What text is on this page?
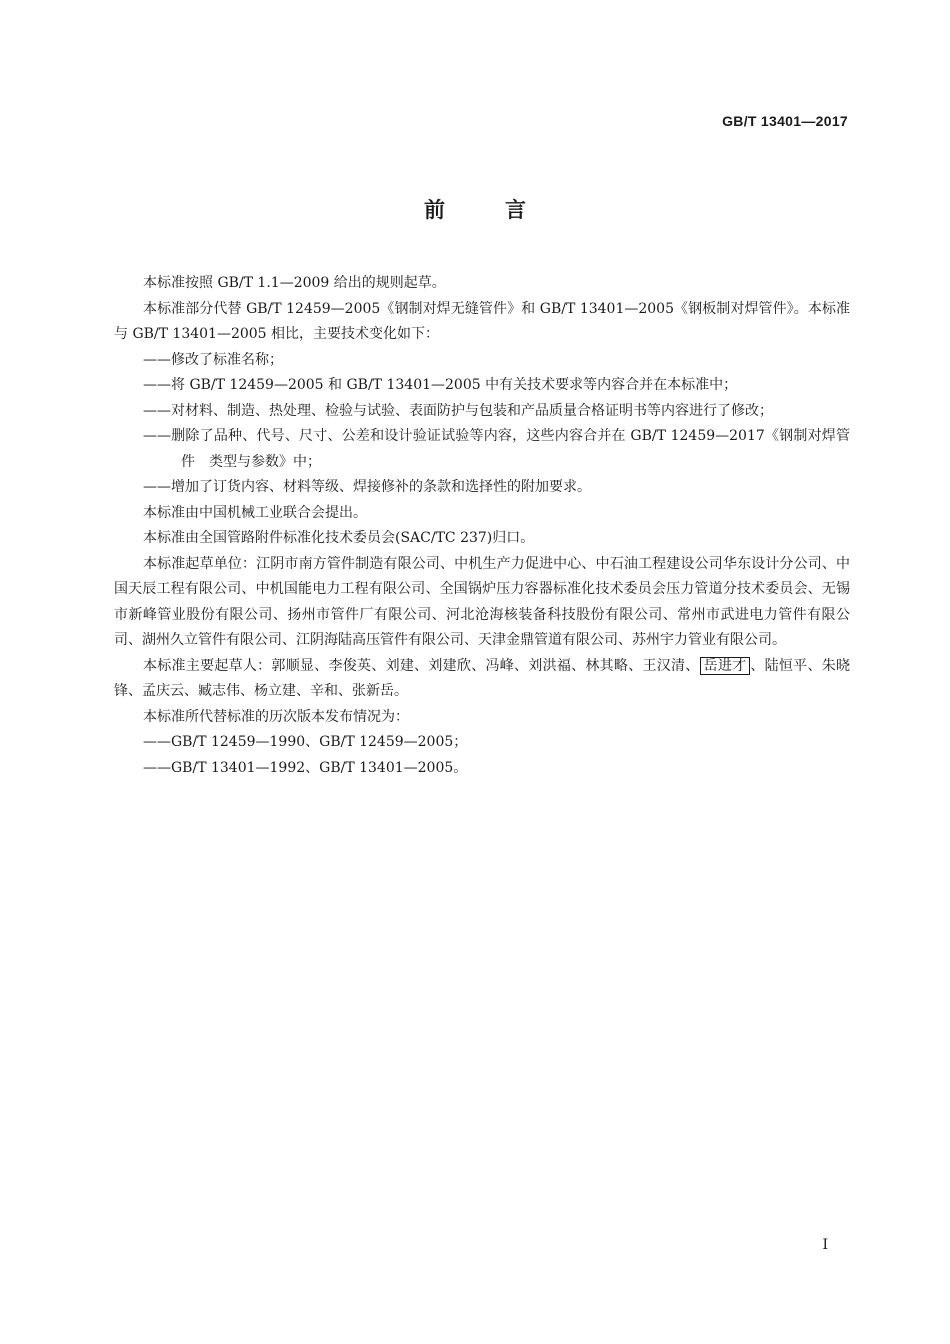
GB/T 13401—2017
前言

本标准按照 GB/T 1.1—2009 给出的规则起草。

本标准部分代替 GB/T 12459—2005《钢制对焊无缝管件》和 GB/T 13401—2005《钢板制对焊管件》。本标准与 GB/T 13401—2005 相比，主要技术变化如下：

——修改了标准名称；

——将 GB/T 12459—2005 和 GB/T 13401—2005 中有关技术要求等内容合并在本标准中；

——对材料、制造、热处理、检验与试验、表面防护与包装和产品质量合格证明书等内容进行了修改；

——删除了品种、代号、尺寸、公差和设计验证试验等内容，这些内容合并在 GB/T 12459—2017《钢制对焊管件　类型与参数》中；

——增加了订货内容、材料等级、焊接修补的条款和选择性的附加要求。

本标准由中国机械工业联合会提出。

本标准由全国管路附件标准化技术委员会(SAC/TC 237)归口。

本标准起草单位：江阴市南方管件制造有限公司、中机生产力促进中心、中石油工程建设公司华东设计分公司、中国天辰工程有限公司、中机国能电力工程有限公司、全国锅炉压力容器标准化技术委员会压力管道分技术委员会、无锡市新峰管业股份有限公司、扬州市管件厂有限公司、河北沧海核装备科技股份有限公司、常州市武进电力管件有限公司、湖州久立管件有限公司、江阴海陆高压管件有限公司、天津金鼎管道有限公司、苏州宇力管业有限公司。

本标准主要起草人：郭顺显、李俊英、刘建、刘建欣、冯峰、刘洪福、林其略、王汉清、 岳进才 、陆恒平、朱晓锋、孟庆云、臧志伟、杨立建、辛和、张新岳。

本标准所代替标准的历次版本发布情况为：

——GB/T 12459—1990、GB/T 12459—2005；

——GB/T 13401—1992、GB/T 13401—2005。

I
